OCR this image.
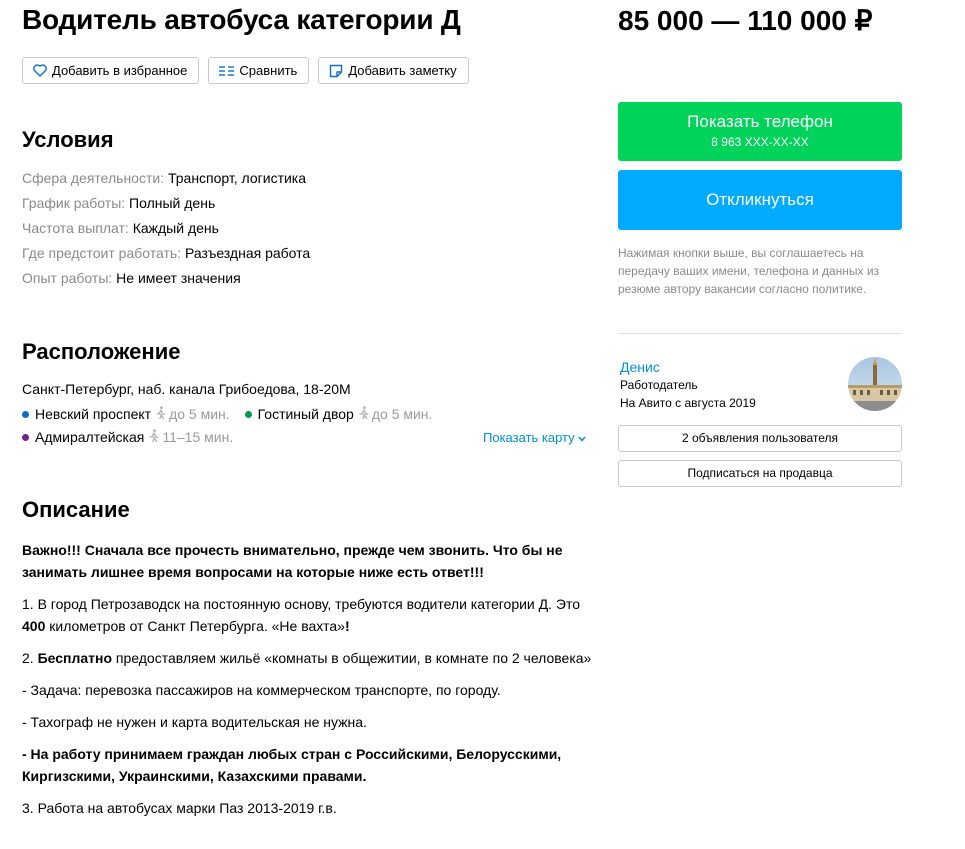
Водитель автобуса категории Д	85 000 — 110 000 ₽
Добавить в избранное	Сравнить	Добавить заметку
Условия
Сфера деятельности: Транспорт, логистика
График работы: Полный день
Частота выплат: Каждый день
Где предстоит работать: Разъездная работа
Опыт работы: Не имеет значения
Расположение
Санкт-Петербург, наб. канала Грибоедова, 18-20М
Невский проспект до 5 мин. Гостиный двор до 5 мин.
Адмиралтейская 11–15 мин.	Показать карту
Описание

Важно!!! Сначала все прочесть внимательно, прежде чем звонить. Что бы не занимать лишнее время вопросами на которые ниже есть ответ!!!

1. В город Петрозаводск на постоянную основу, требуются водители категории Д. Это 400 километров от Санкт Петербурга. «Не вахта»!

2. Бесплатно предоставляем жильё «комнаты в общежитии, в комнате по 2 человека»

- Задача: перевозка пассажиров на коммерческом транспорте, по городу.

- Тахограф не нужен и карта водительская не нужна.

- На работу принимаем граждан любых стран с Российскими, Белорусскими, Киргизскими, Украинскими, Казахскими правами.

3. Работа на автобусах марки Паз 2013-2019 г.в.

Показать телефон
8 963 XXX-XX-XX
Откликнуться
Нажимая кнопки выше, вы соглашаетесь на передачу ваших имени, телефона и данных из резюме автору вакансии согласно политике.
Денис
Работодатель
На Авито с августа 2019
2 объявления пользователя
Подписаться на продавца
